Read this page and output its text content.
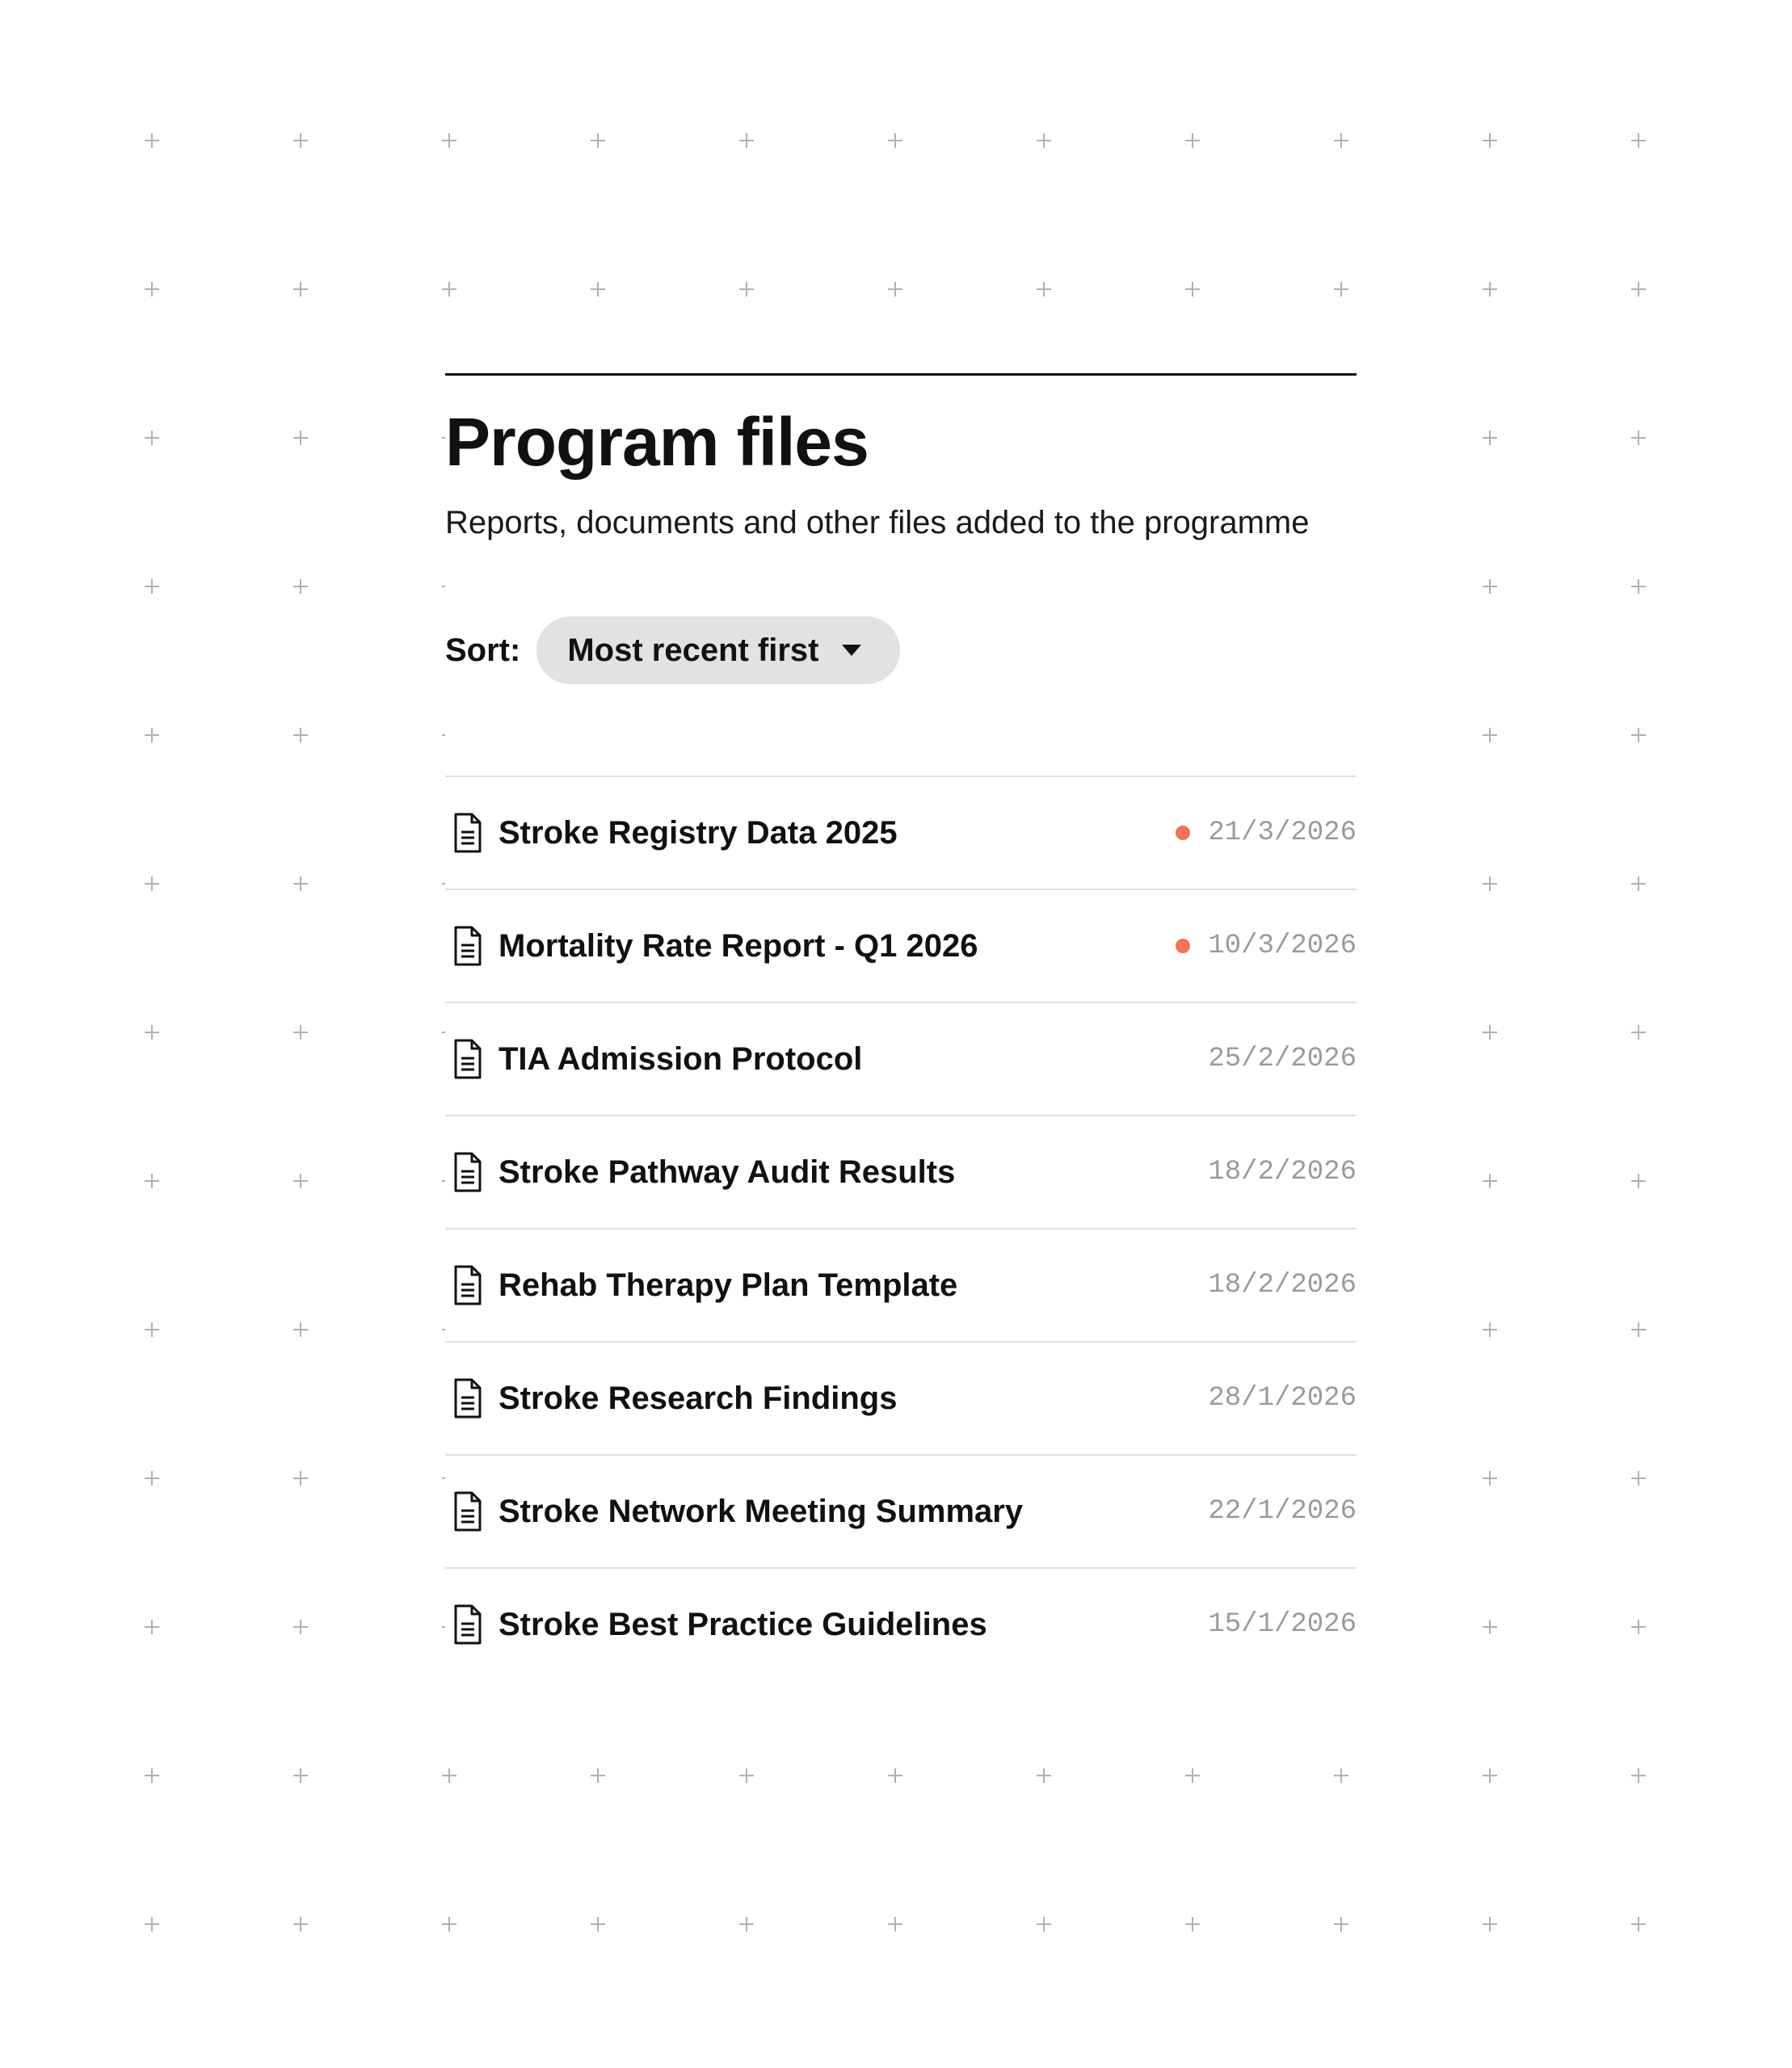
Program files

Reports, documents and other files added to the programme

Sort: Most recent first
Stroke Registry Data 2025	21/3/2026
Mortality Rate Report - Q1 2026	10/3/2026
TIA Admission Protocol	25/2/2026
Stroke Pathway Audit Results	18/2/2026
Rehab Therapy Plan Template	18/2/2026
Stroke Research Findings	28/1/2026
Stroke Network Meeting Summary	22/1/2026
Stroke Best Practice Guidelines	15/1/2026
